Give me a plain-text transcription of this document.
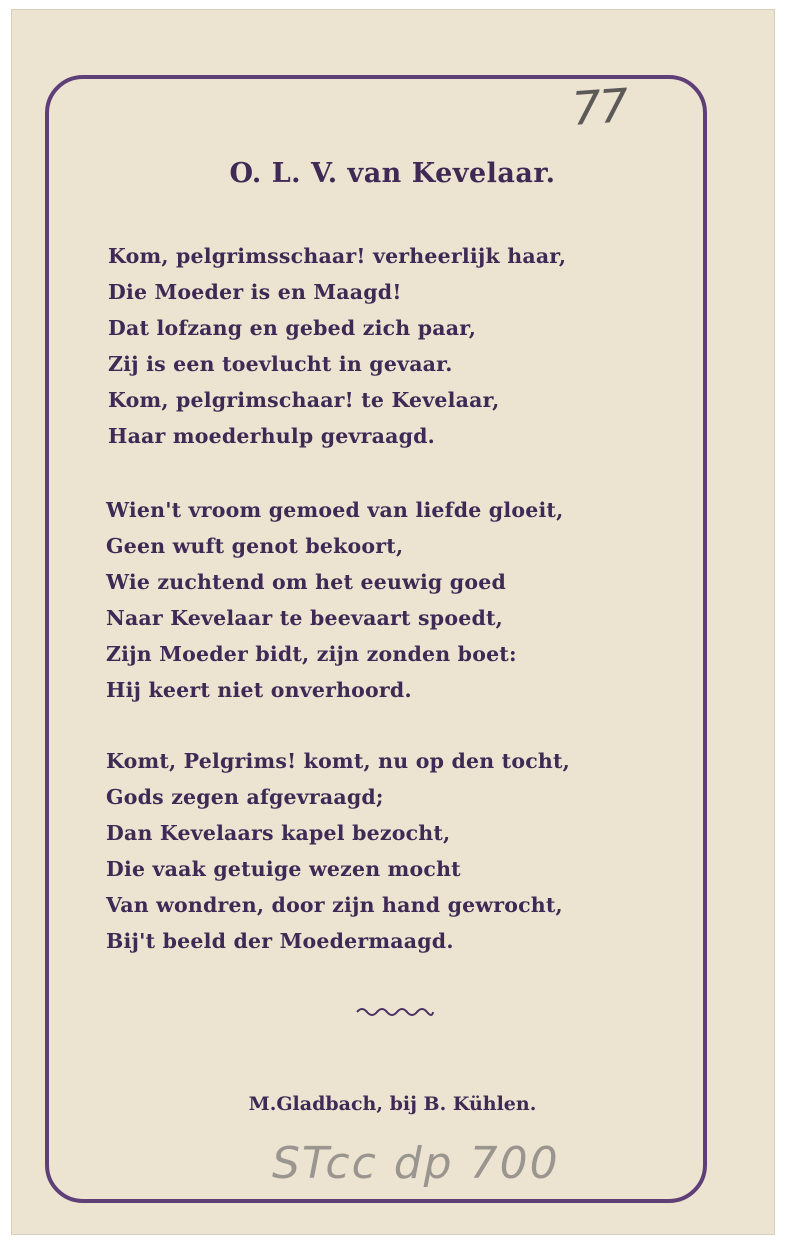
77
O. L. V. van Kevelaar.
Kom, pelgrimsschaar! verheerlijk haar,
Die Moeder is en Maagd!
Dat lofzang en gebed zich paar,
Zij is een toevlucht in gevaar.
Kom, pelgrimschaar! te Kevelaar,
Haar moederhulp gevraagd.
Wien't vroom gemoed van liefde gloeit,
Geen wuft genot bekoort,
Wie zuchtend om het eeuwig goed
Naar Kevelaar te beevaart spoedt,
Zijn Moeder bidt, zijn zonden boet:
Hij keert niet onverhoord.
Komt, Pelgrims! komt, nu op den tocht,
Gods zegen afgevraagd;
Dan Kevelaars kapel bezocht,
Die vaak getuige wezen mocht
Van wondren, door zijn hand gewrocht,
Bij't beeld der Moedermaagd.
M.Gladbach, bij B. Kühlen.
STcc dp 700
